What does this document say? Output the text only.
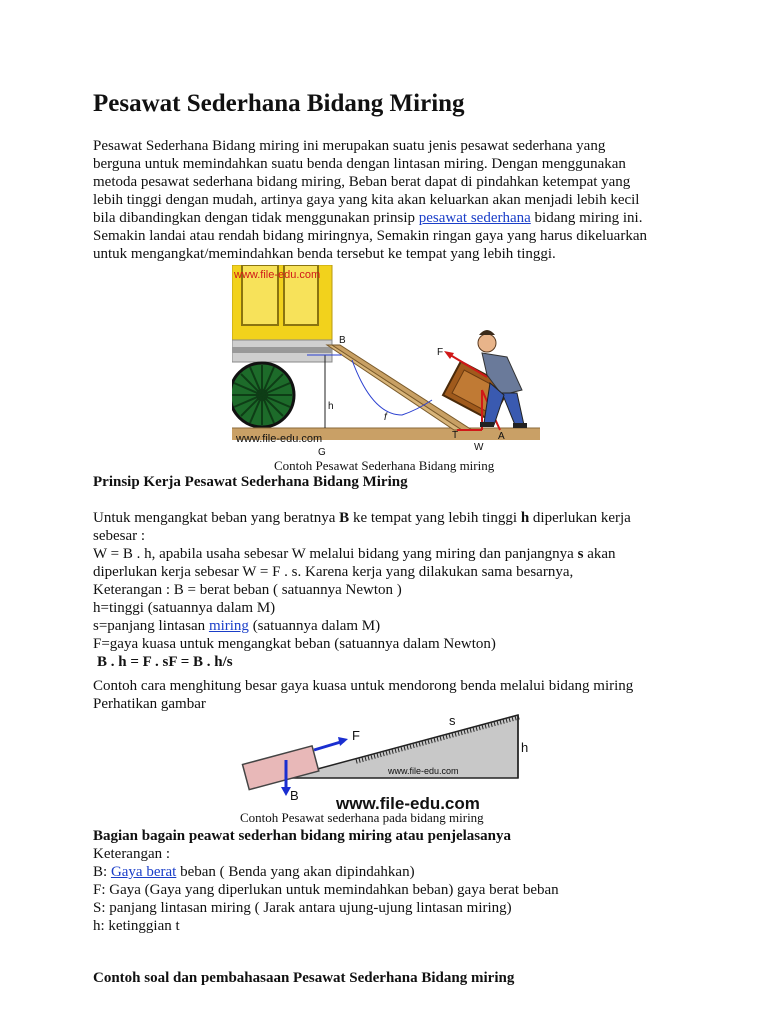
Pesawat Sederhana Bidang Miring
Pesawat Sederhana Bidang miring ini merupakan suatu jenis pesawat sederhana yang
berguna untuk memindahkan suatu benda dengan lintasan miring. Dengan menggunakan
metoda pesawat sederhana bidang miring, Beban berat dapat di pindahkan ketempat yang
lebih tinggi dengan mudah, artinya gaya yang kita akan keluarkan akan menjadi lebih kecil
bila dibandingkan dengan tidak menggunakan prinsip pesawat sederhana bidang miring ini.
Semakin landai atau rendah bidang miringnya, Semakin ringan gaya yang harus dikeluarkan
untuk mengangkat/memindahkan benda tersebut ke tempat yang lebih tinggi.
www.file-edu.com
www.file-edu.com
B
F
h
f
T
W
A
G
Contoh Pesawat Sederhana Bidang miring
Prinsip Kerja Pesawat Sederhana Bidang Miring
Untuk mengangkat beban yang beratnya B ke tempat yang lebih tinggi h diperlukan kerja
sebesar :
W = B . h, apabila usaha sebesar W melalui bidang yang miring dan panjangnya s akan
diperlukan kerja sebesar W = F . s. Karena kerja yang dilakukan sama besarnya,
Keterangan : B = berat beban ( satuannya Newton )
h=tinggi (satuannya dalam M)
s=panjang lintasan miring (satuannya dalam M)
F=gaya kuasa untuk mengangkat beban (satuannya dalam Newton)
B . h = F . sF = B . h/s
Contoh cara menghitung besar gaya kuasa untuk mendorong benda melalui bidang miring
Perhatikan gambar
F
s
h
B
www.file-edu.com
www.file-edu.com
Contoh Pesawat sederhana pada bidang miring
Bagian bagain peawat sederhan bidang miring atau penjelasanya
Keterangan :
B: Gaya berat beban ( Benda yang akan dipindahkan)
F: Gaya (Gaya yang diperlukan untuk memindahkan beban) gaya berat beban
S: panjang lintasan miring ( Jarak antara ujung-ujung lintasan miring)
h: ketinggian t
Contoh soal dan pembahasaan Pesawat Sederhana Bidang miring
